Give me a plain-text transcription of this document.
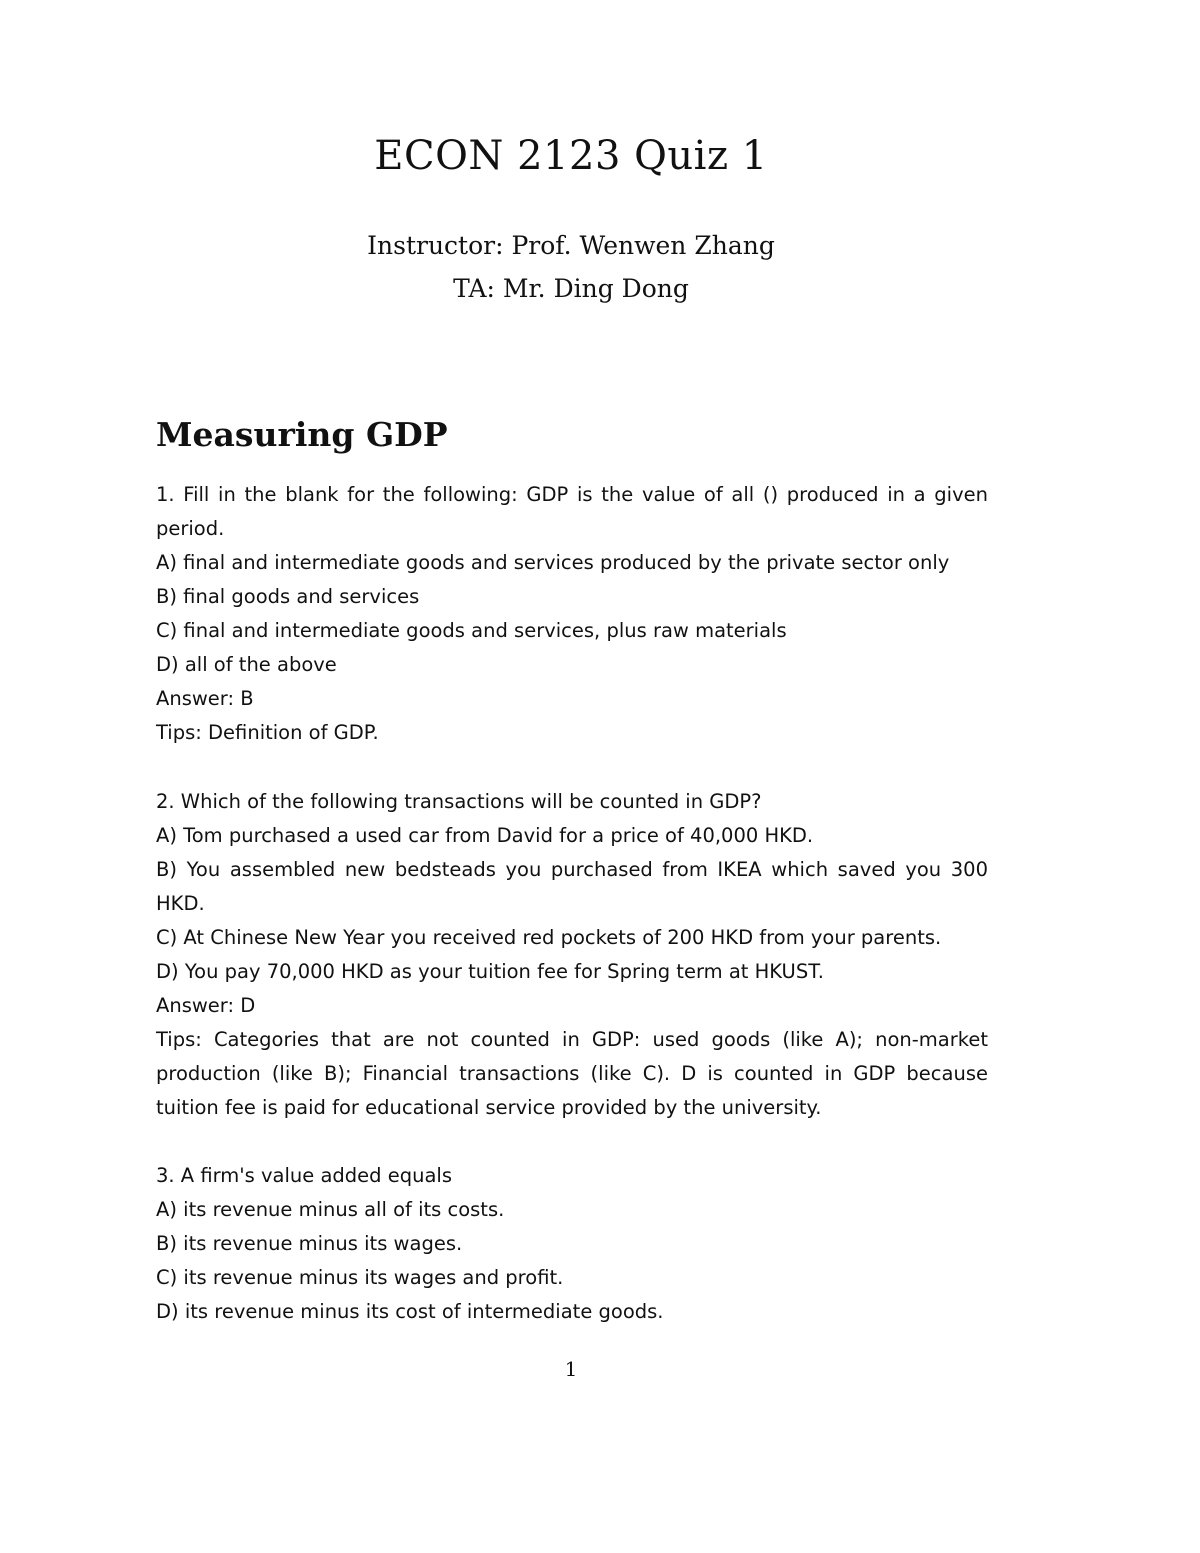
ECON 2123 Quiz 1

Instructor: Prof. Wenwen Zhang

TA: Mr. Ding Dong

Measuring GDP

1. Fill in the blank for the following: GDP is the value of all () produced in a given

period.

A) final and intermediate goods and services produced by the private sector only

B) final goods and services

C) final and intermediate goods and services, plus raw materials

D) all of the above

Answer: B

Tips: Definition of GDP.

2. Which of the following transactions will be counted in GDP?

A) Tom purchased a used car from David for a price of 40,000 HKD.

B) You assembled new bedsteads you purchased from IKEA which saved you 300

HKD.

C) At Chinese New Year you received red pockets of 200 HKD from your parents.

D) You pay 70,000 HKD as your tuition fee for Spring term at HKUST.

Answer: D

Tips: Categories that are not counted in GDP: used goods (like A); non-market

production (like B); Financial transactions (like C). D is counted in GDP because

tuition fee is paid for educational service provided by the university.

3. A firm's value added equals

A) its revenue minus all of its costs.

B) its revenue minus its wages.

C) its revenue minus its wages and profit.

D) its revenue minus its cost of intermediate goods.

1
